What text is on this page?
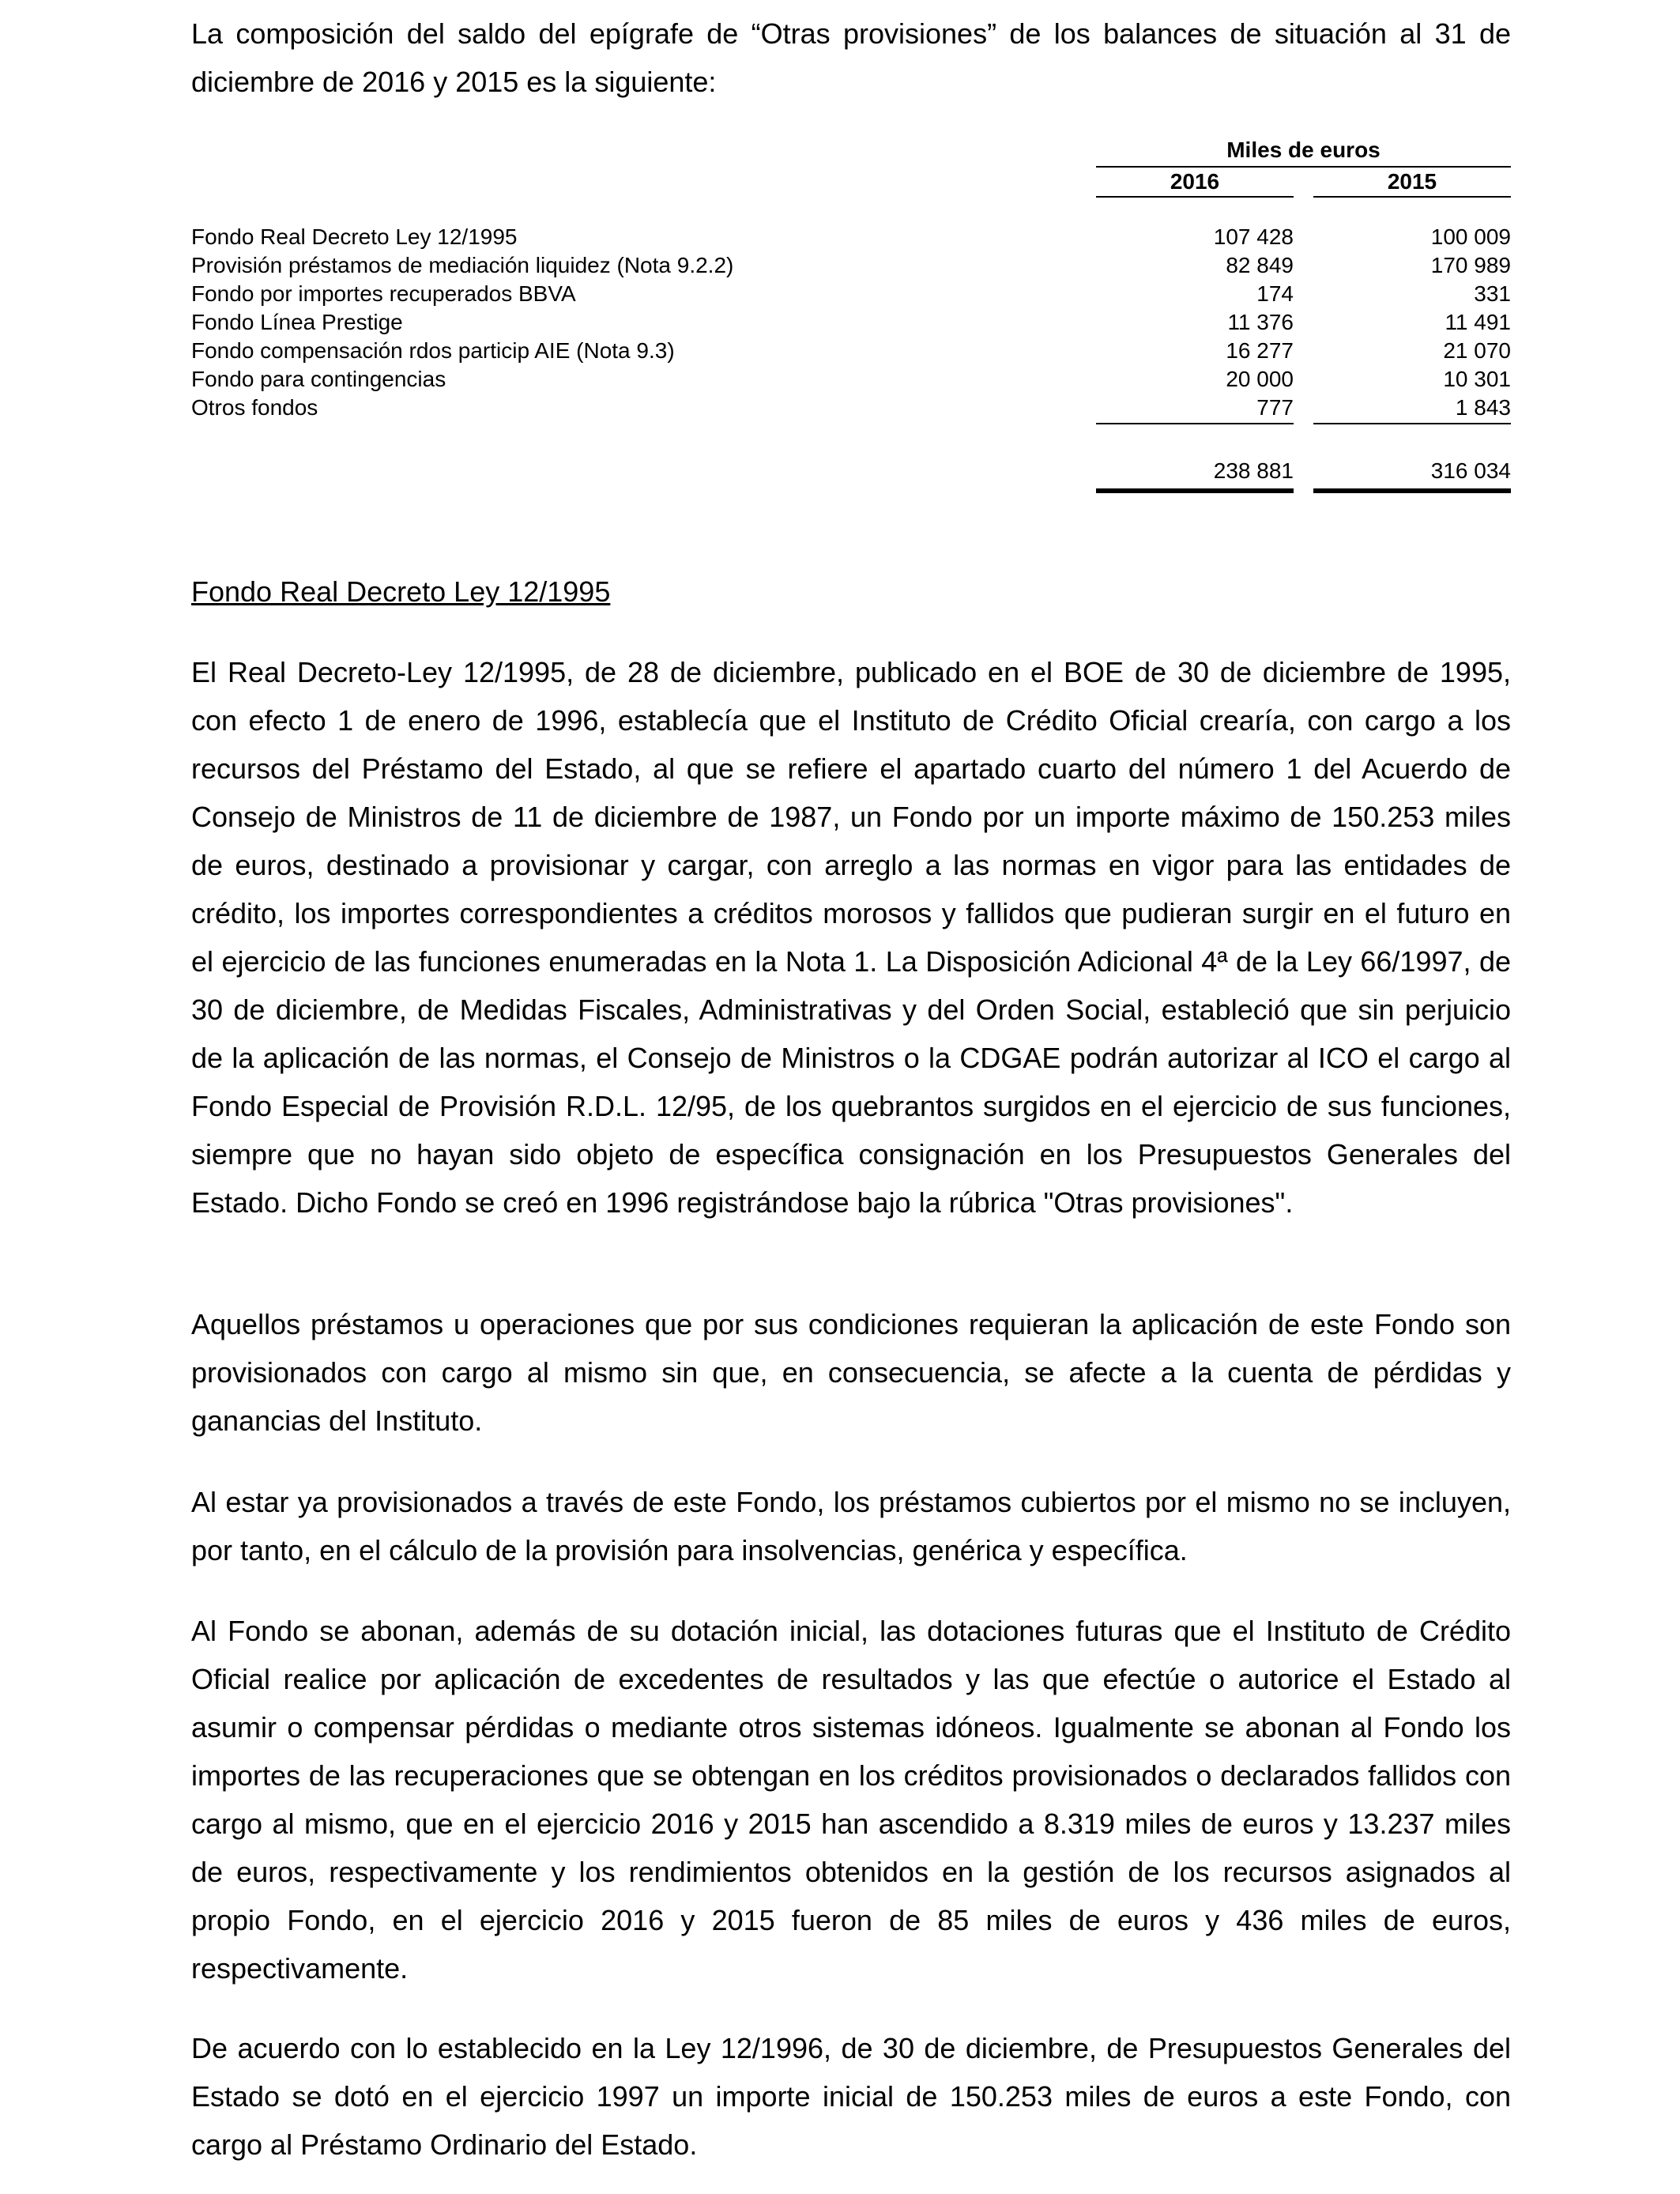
La composición del saldo del epígrafe de “Otras provisiones” de los balances de situación al 31 de diciembre de 2016 y 2015 es la siguiente:

Miles de euros
2016	2015
Fondo Real Decreto Ley 12/1995	107 428	100 009
Provisión préstamos de mediación liquidez (Nota 9.2.2)	82 849	170 989
Fondo por importes recuperados BBVA	174	331
Fondo Línea Prestige	11 376	11 491
Fondo compensación rdos particip AIE (Nota 9.3)	16 277	21 070
Fondo para contingencias	20 000	10 301
Otros fondos	777	1 843
238 881	316 034

Fondo Real Decreto Ley 12/1995

El Real Decreto-Ley 12/1995, de 28 de diciembre, publicado en el BOE de 30 de diciembre de 1995, con efecto 1 de enero de 1996, establecía que el Instituto de Crédito Oficial crearía, con cargo a los recursos del Préstamo del Estado, al que se refiere el apartado cuarto del número 1 del Acuerdo de Consejo de Ministros de 11 de diciembre de 1987, un Fondo por un importe máximo de 150.253 miles de euros, destinado a provisionar y cargar, con arreglo a las normas en vigor para las entidades de crédito, los importes correspondientes a créditos morosos y fallidos que pudieran surgir en el futuro en el ejercicio de las funciones enumeradas en la Nota 1. La Disposición Adicional 4ª de la Ley 66/1997, de 30 de diciembre, de Medidas Fiscales, Administrativas y del Orden Social, estableció que sin perjuicio de la aplicación de las normas, el Consejo de Ministros o la CDGAE podrán autorizar al ICO el cargo al Fondo Especial de Provisión R.D.L. 12/95, de los quebrantos surgidos en el ejercicio de sus funciones, siempre que no hayan sido objeto de específica consignación en los Presupuestos Generales del Estado. Dicho Fondo se creó en 1996 registrándose bajo la rúbrica "Otras provisiones".

Aquellos préstamos u operaciones que por sus condiciones requieran la aplicación de este Fondo son provisionados con cargo al mismo sin que, en consecuencia, se afecte a la cuenta de pérdidas y ganancias del Instituto.

Al estar ya provisionados a través de este Fondo, los préstamos cubiertos por el mismo no se incluyen, por tanto, en el cálculo de la provisión para insolvencias, genérica y específica.

Al Fondo se abonan, además de su dotación inicial, las dotaciones futuras que el Instituto de Crédito Oficial realice por aplicación de excedentes de resultados y las que efectúe o autorice el Estado al asumir o compensar pérdidas o mediante otros sistemas idóneos. Igualmente se abonan al Fondo los importes de las recuperaciones que se obtengan en los créditos provisionados o declarados fallidos con cargo al mismo, que en el ejercicio 2016 y 2015 han ascendido a 8.319 miles de euros y 13.237 miles de euros, respectivamente y los rendimientos obtenidos en la gestión de los recursos asignados al propio Fondo, en el ejercicio 2016 y 2015 fueron de 85 miles de euros y 436 miles de euros, respectivamente.

De acuerdo con lo establecido en la Ley 12/1996, de 30 de diciembre, de Presupuestos Generales del Estado se dotó en el ejercicio 1997 un importe inicial de 150.253 miles de euros a este Fondo, con cargo al Préstamo Ordinario del Estado.
